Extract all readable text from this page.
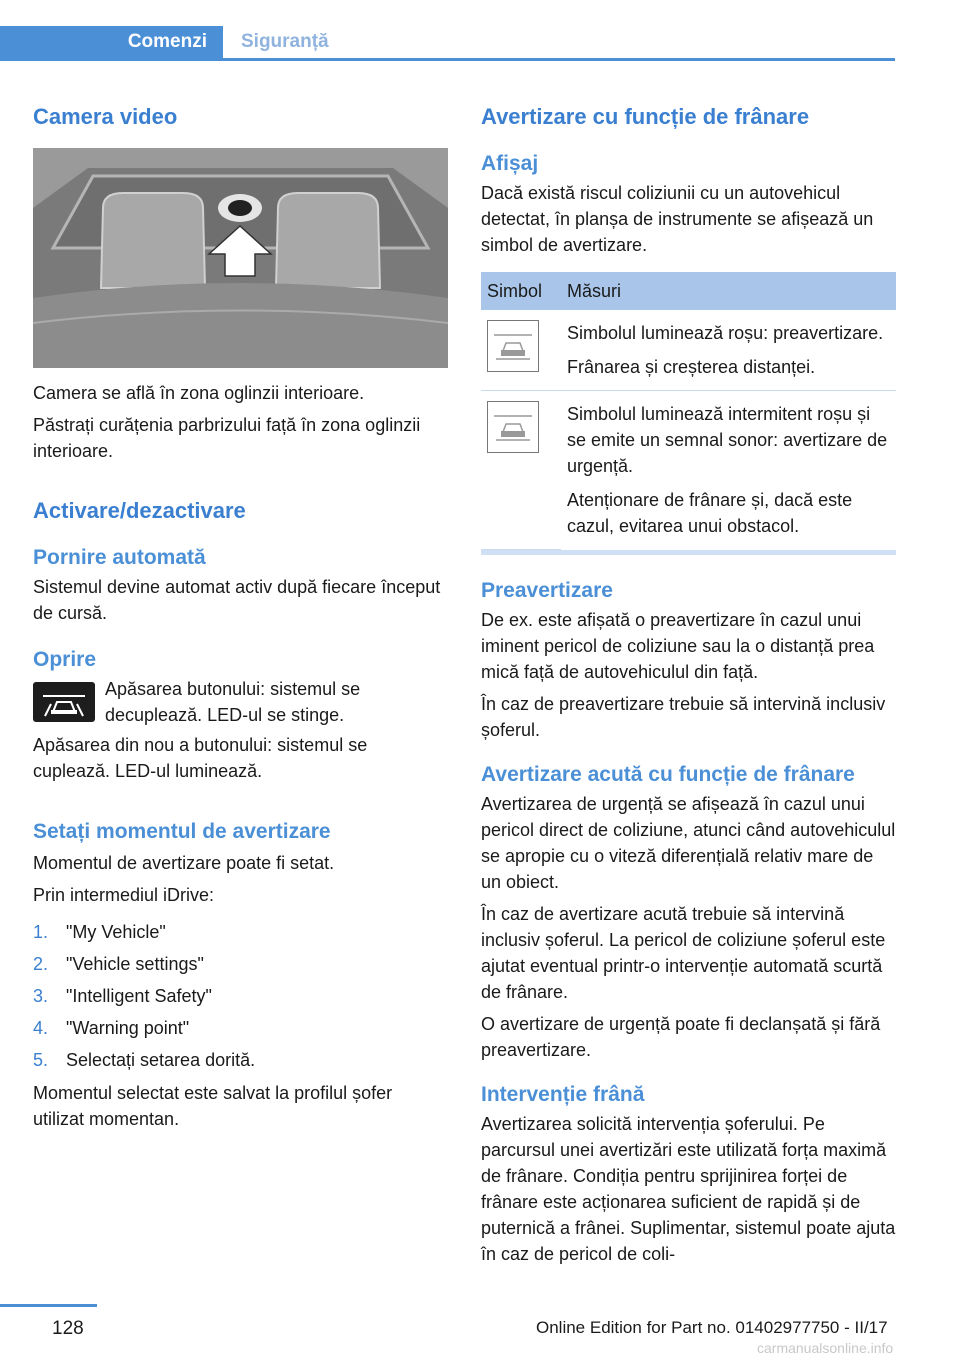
Comenzi	Siguranță
Camera video

Camera se află în zona oglinzii interioare.

Păstrați curățenia parbrizului față în zona oglinzii interioare.

Activare/dezactivare
Pornire automată

Sistemul devine automat activ după fiecare început de cursă.

Oprire

Apăsarea butonului: sistemul se decuplează. LED-ul se stinge.

Apăsarea din nou a butonului: sistemul se cuplează. LED-ul luminează.

Setați momentul de avertizare

Momentul de avertizare poate fi setat.

Prin intermediul iDrive:

1. "My Vehicle"
2. "Vehicle settings"
3. "Intelligent Safety"
4. "Warning point"
5. Selectați setarea dorită.

Momentul selectat este salvat la profilul șofer utilizat momentan.

Avertizare cu funcție de frânare
Afișaj

Dacă există riscul coliziunii cu un autovehicul detectat, în planșa de instrumente se afișează un simbol de avertizare.

Simbol	Măsuri

Simbolul luminează roșu: preavertizare.
Frânarea și creșterea distanței.

Simbolul luminează intermitent roșu și se emite un semnal sonor: avertizare de urgență.
Atenționare de frânare și, dacă este cazul, evitarea unui obstacol.
Preavertizare

De ex. este afișată o preavertizare în cazul unui iminent pericol de coliziune sau la o distanță prea mică față de autovehiculul din față.

În caz de preavertizare trebuie să intervină inclusiv șoferul.

Avertizare acută cu funcție de frânare

Avertizarea de urgență se afișează în cazul unui pericol direct de coliziune, atunci când autovehiculul se apropie cu o viteză diferențială relativ mare de un obiect.

În caz de avertizare acută trebuie să intervină inclusiv șoferul. La pericol de coliziune șoferul este ajutat eventual printr-o intervenție automată scurtă de frânare.

O avertizare de urgență poate fi declanșată și fără preavertizare.

Intervenție frână

Avertizarea solicită intervenția șoferului. Pe parcursul unei avertizări este utilizată forța maximă de frânare. Condiția pentru sprijinirea forței de frânare este acționarea suficient de rapidă și de puternică a frânei. Suplimentar, sistemul poate ajuta în caz de pericol de coli-

128	Online Edition for Part no. 01402977750 - II/17
carmanualsonline.info
